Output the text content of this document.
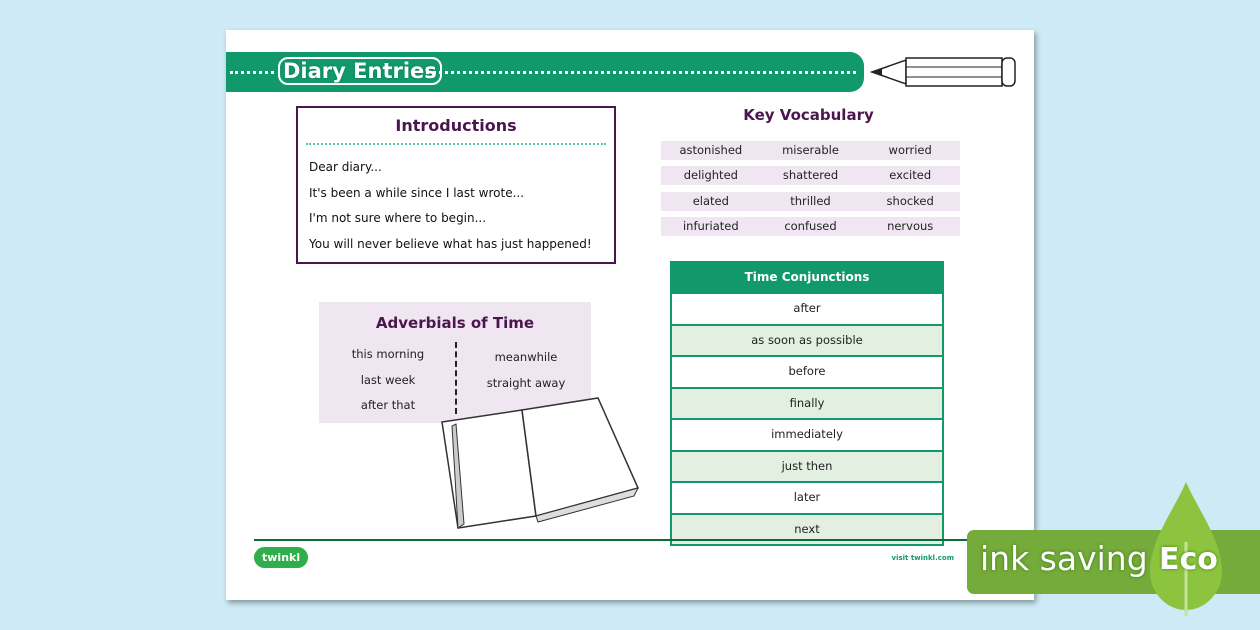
Diary Entries
Introductions

Dear diary...

It's been a while since I last wrote...

I'm not sure where to begin...

You will never believe what has just happened!

Key Vocabulary
astonished	miserable	worried
delighted	shattered	excited
elated	thrilled	shocked
infuriated	confused	nervous
Adverbials of Time
this morning
last week
after that
meanwhile
straight away
Time Conjunctions
after
as soon as possible
before
finally
immediately
just then
later
next
twinkl	visit twinkl.com ink saving Eco
